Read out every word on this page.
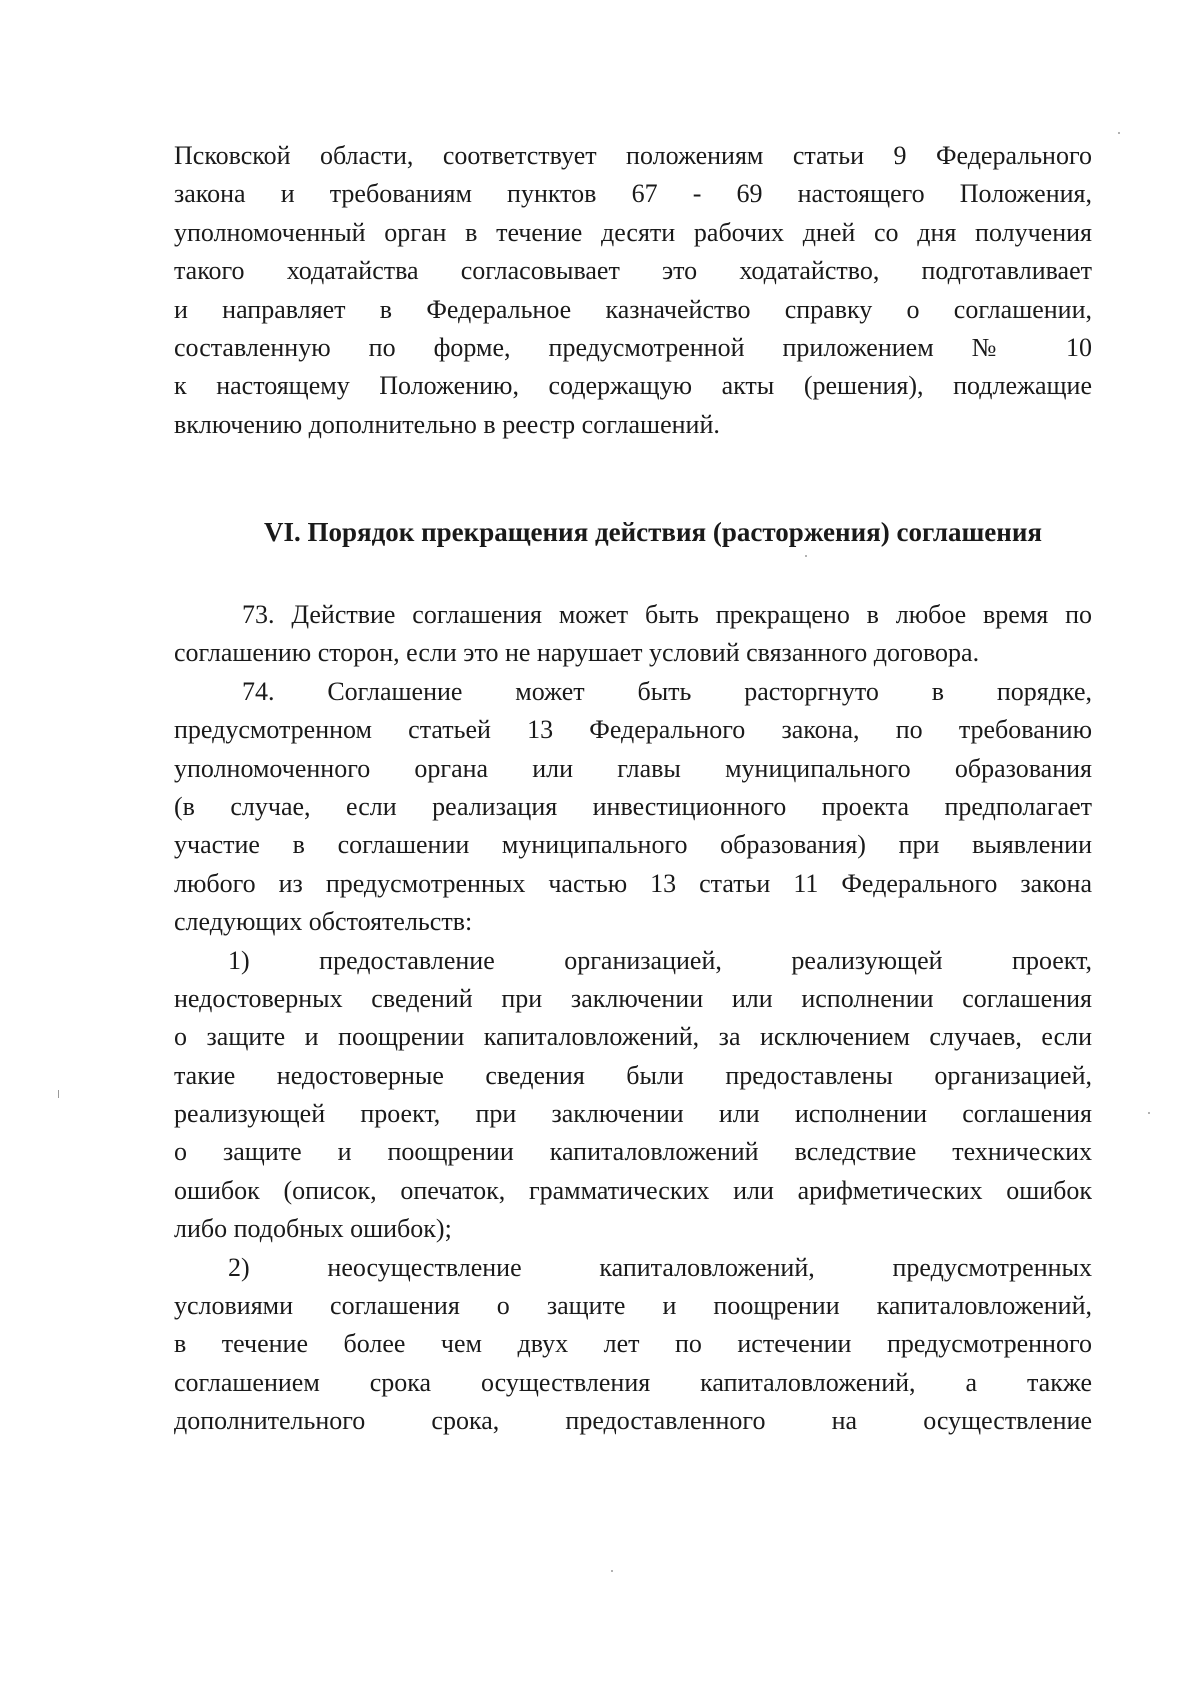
Псковской области, соответствует положениям статьи 9 Федерального
закона и требованиям пунктов 67 - 69 настоящего Положения,
уполномоченный орган в течение десяти рабочих дней со дня получения
такого ходатайства согласовывает это ходатайство, подготавливает
и направляет в Федеральное казначейство справку о соглашении,
составленную по форме, предусмотренной приложением № 10
к настоящему Положению, содержащую акты (решения), подлежащие
включению дополнительно в реестр соглашений.
VI. Порядок прекращения действия (расторжения) соглашения
73. Действие соглашения может быть прекращено в любое время по
соглашению сторон, если это не нарушает условий связанного договора.
74. Соглашение может быть расторгнуто в порядке,
предусмотренном статьей 13 Федерального закона, по требованию
уполномоченного органа или главы муниципального образования
(в случае, если реализация инвестиционного проекта предполагает
участие в соглашении муниципального образования) при выявлении
любого из предусмотренных частью 13 статьи 11 Федерального закона
следующих обстоятельств:
1) предоставление организацией, реализующей проект,
недостоверных сведений при заключении или исполнении соглашения
о защите и поощрении капиталовложений, за исключением случаев, если
такие недостоверные сведения были предоставлены организацией,
реализующей проект, при заключении или исполнении соглашения
о защите и поощрении капиталовложений вследствие технических
ошибок (описок, опечаток, грамматических или арифметических ошибок
либо подобных ошибок);
2) неосуществление капиталовложений, предусмотренных
условиями соглашения о защите и поощрении капиталовложений,
в течение более чем двух лет по истечении предусмотренного
соглашением срока осуществления капиталовложений, а также
дополнительного срока, предоставленного на осуществление
